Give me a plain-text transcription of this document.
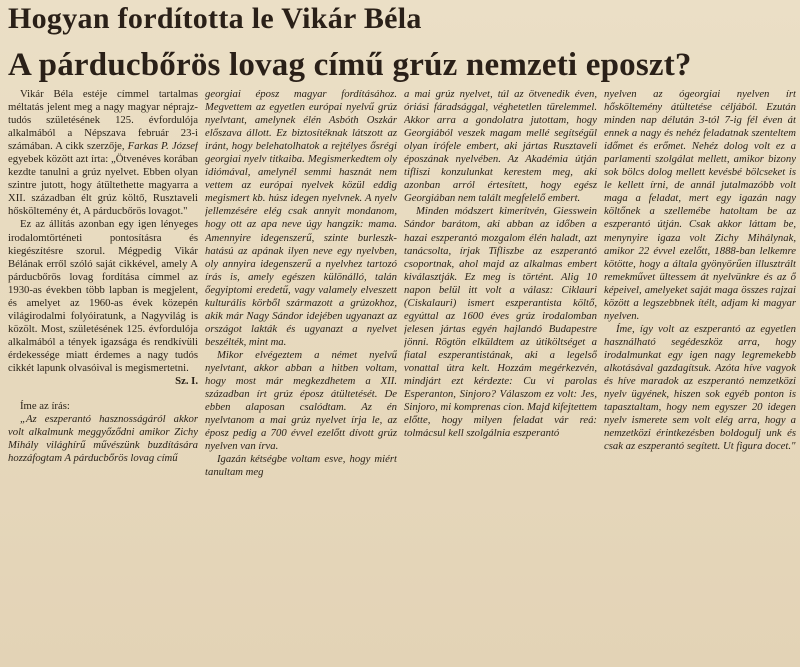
Hogyan fordította le Vikár Béla
A párducbőrös lovag című grúz nemzeti eposzt?

Vikár Béla estéje címmel tartalmas méltatás jelent meg a nagy magyar néprajz-tudós születésének 125. évfordulója alkalmából a Népszava február 23-i számában. A cikk szerzője, Farkas P. József egyebek között azt írta: „Ötvenéves korában kezdte tanulni a grúz nyelvet. Ebben olyan szintre jutott, hogy átültethette magyarra a XII. században élt grúz költő, Rusztaveli hősköltemény ét, A párducbőrös lovagot."

Ez az állítás azonban egy igen lényeges irodalomtörténeti pontosításra és kiegészítésre szorul. Mégpedig Vikár Bélának erről szóló saját cikkével, amely A párducbőrös lovag fordítása címmel az 1930-as években több lapban is megjelent, és amelyet az 1960-as évek közepén világirodalmi folyóiratunk, a Nagyvilág is közölt. Most, születésének 125. évfordulója alkalmából a tények igazsága és rendkívüli érdekessége miatt érdemes a nagy tudós cikkét lapunk olvasóival is megismertetni.

Sz. I.

Íme az írás:

„Az eszperantó hasznosságáról akkor volt alkalmunk meggyőződni amikor Zichy Mihály világhírű művészünk buzdítására hozzáfogtam A párducbőrös lovag című

georgiai éposz magyar fordításához. Megvettem az egyetlen európai nyelvű grúz nyelvtant, amelynek élén Asbóth Oszkár előszava állott. Ez biztosítéknak látszott az iránt, hogy belehatolhatok a rejtélyes ősrégi georgiai nyelv titkaiba. Megismerkedtem oly idiómával, amelynél semmi hasznát nem vettem az európai nyelvek közül eddig megismert kb. húsz idegen nyelvnek. A nyelv jellemzésére elég csak annyit mondanom, hogy ott az apa neve úgy hangzik: mama. Amennyire idegenszerű, szinte burleszk-hatású az apának ilyen neve egy nyelvben, oly annyira idegenszerű a nyelvhez tartozó írás is, amely egészen különálló, talán őegyiptomi eredetű, vagy valamely elveszett kulturális körből származott a grúzokhoz, akik már Nagy Sándor idejében ugyanazt az országot lakták és ugyanazt a nyelvet beszélték, mint ma.

Mikor elvégeztem a német nyelvű nyelvtant, akkor abban a hitben voltam, hogy most már megkezdhetem a XII. században írt grúz éposz átültetését. De ebben alaposan csalódtam. Az én nyelvtanom a mai grúz nyelvet írja le, az éposz pedig a 700 évvel ezelőtt dívott grúz nyelven van írva.

Igazán kétségbe voltam esve, hogy miért tanultam meg

a mai grúz nyelvet, túl az ötvenedik éven, óriási fáradsággal, véghetetlen türelemmel. Akkor arra a gondolatra jutottam, hogy Georgiából veszek magam mellé segítségül olyan írófele embert, aki jártas Rusztaveli époszának nyelvében. Az Akadémia útján tifliszi konzulunkat kerestem meg, aki azonban arról értesített, hogy egész Georgiában nem talált megfelelő embert.

Minden módszert kimerítvén, Giesswein Sándor barátom, aki abban az időben a hazai eszperantó mozgalom élén haladt, azt tanácsolta, írjak Tifliszbe az eszperantó csoportnak, ahol majd az alkalmas embert kiválasztják. Ez meg is történt. Alig 10 napon belül itt volt a válasz: Ciklauri (Ciskalauri) ismert eszperantista költő, egyúttal az 1600 éves grúz irodalomban jelesen jártas egyén hajlandó Budapestre jönni. Rögtön elküldtem az útiköltséget a fiatal eszperantistának, aki a legelső vonattal útra kelt. Hozzám megérkezvén, mindjárt ezt kérdezte: Cu vi parolas Esperanton, Sinjoro? Válaszom ez volt: Jes, Sinjoro, mi komprenas cion. Majd kifejtettem előtte, hogy milyen feladat vár reá: tolmácsul kell szolgálnia eszperantó

nyelven az ógeorgiai nyelven írt hősköltemény átültetése céljából. Ezután minden nap délután 3-tól 7-ig fél éven át ennek a nagy és nehéz feladatnak szenteltem időmet és erőmet. Nehéz dolog volt ez a parlamenti szolgálat mellett, amikor bizony sok bölcs dolog mellett kevésbé bölcseket is le kellett írni, de annál jutalmazóbb volt maga a feladat, mert egy igazán nagy költőnek a szellemébe hatoltam be az eszperantó útján. Csak akkor láttam be, menynyire igaza volt Zichy Mihálynak, amikor 22 évvel ezelőtt, 1888-ban lelkemre kötötte, hogy a általa gyönyörűen illusztrált remekművet ültessem át nyelvünkre és az ő képeivel, amelyeket saját maga összes rajzai között a legszebbnek ítélt, adjam ki magyar nyelven.

Íme, így volt az eszperantó az egyetlen használható segédeszköz arra, hogy irodalmunkat egy igen nagy legremekebb alkotásával gazdagítsuk. Azóta híve vagyok és híve maradok az eszperantó nemzetközi nyelv ügyének, hiszen sok egyéb ponton is tapasztaltam, hogy nem egyszer 20 idegen nyelv ismerete sem volt elég arra, hogy a nemzetközi érintkezésben boldogulj unk és csak az eszperantó segített. Ut figura docet."
